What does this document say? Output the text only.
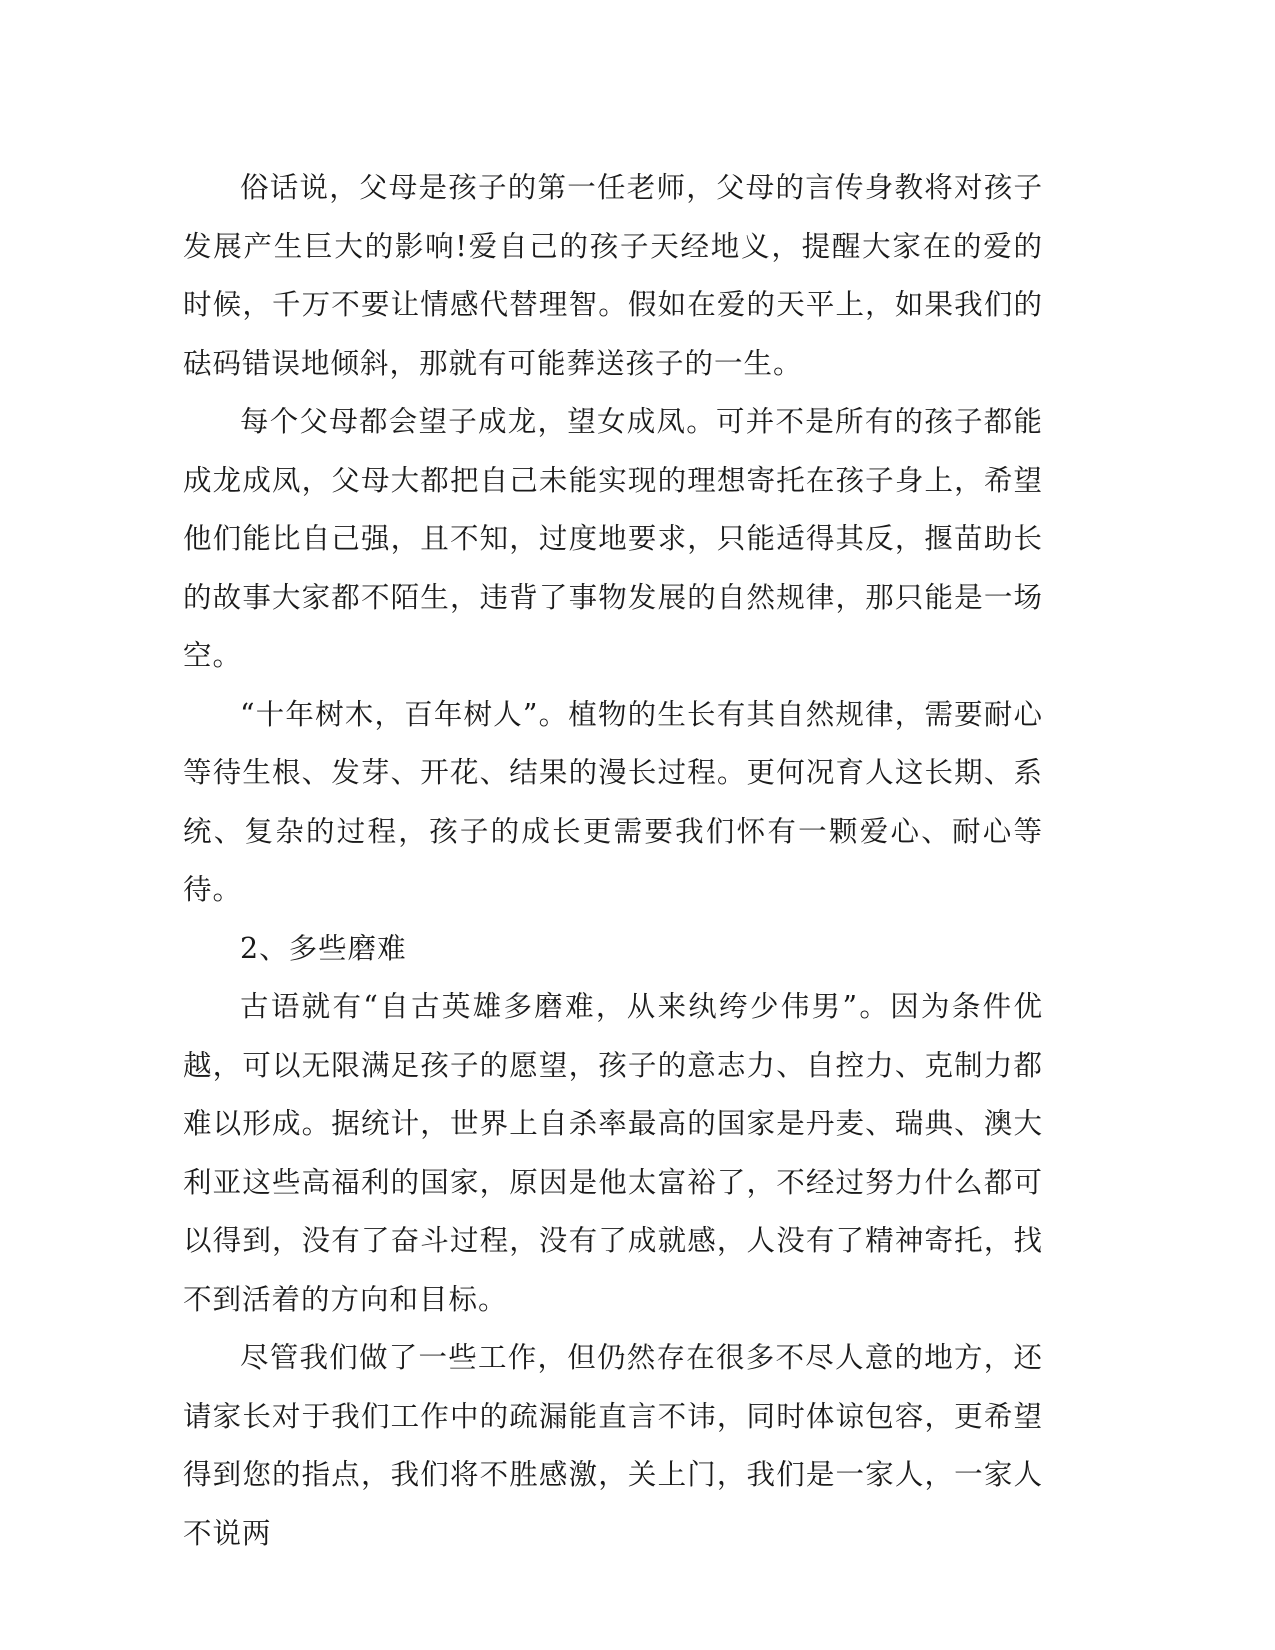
俗话说，父母是孩子的第一任老师，父母的言传身教将对孩子发展产生巨大的影响!爱自己的孩子天经地义，提醒大家在的爱的时候，千万不要让情感代替理智。假如在爱的天平上，如果我们的砝码错误地倾斜，那就有可能葬送孩子的一生。

每个父母都会望子成龙，望女成凤。可并不是所有的孩子都能成龙成凤，父母大都把自己未能实现的理想寄托在孩子身上，希望他们能比自己强，且不知，过度地要求，只能适得其反，揠苗助长的故事大家都不陌生，违背了事物发展的自然规律，那只能是一场空。

“十年树木，百年树人”。植物的生长有其自然规律，需要耐心等待生根、发芽、开花、结果的漫长过程。更何况育人这长期、系统、复杂的过程，孩子的成长更需要我们怀有一颗爱心、耐心等待。

2、多些磨难

古语就有“自古英雄多磨难，从来纨绔少伟男”。因为条件优越，可以无限满足孩子的愿望，孩子的意志力、自控力、克制力都难以形成。据统计，世界上自杀率最高的国家是丹麦、瑞典、澳大利亚这些高福利的国家，原因是他太富裕了，不经过努力什么都可以得到，没有了奋斗过程，没有了成就感，人没有了精神寄托，找不到活着的方向和目标。

尽管我们做了一些工作，但仍然存在很多不尽人意的地方，还请家长对于我们工作中的疏漏能直言不讳，同时体谅包容，更希望得到您的指点，我们将不胜感激，关上门，我们是一家人，一家人不说两
